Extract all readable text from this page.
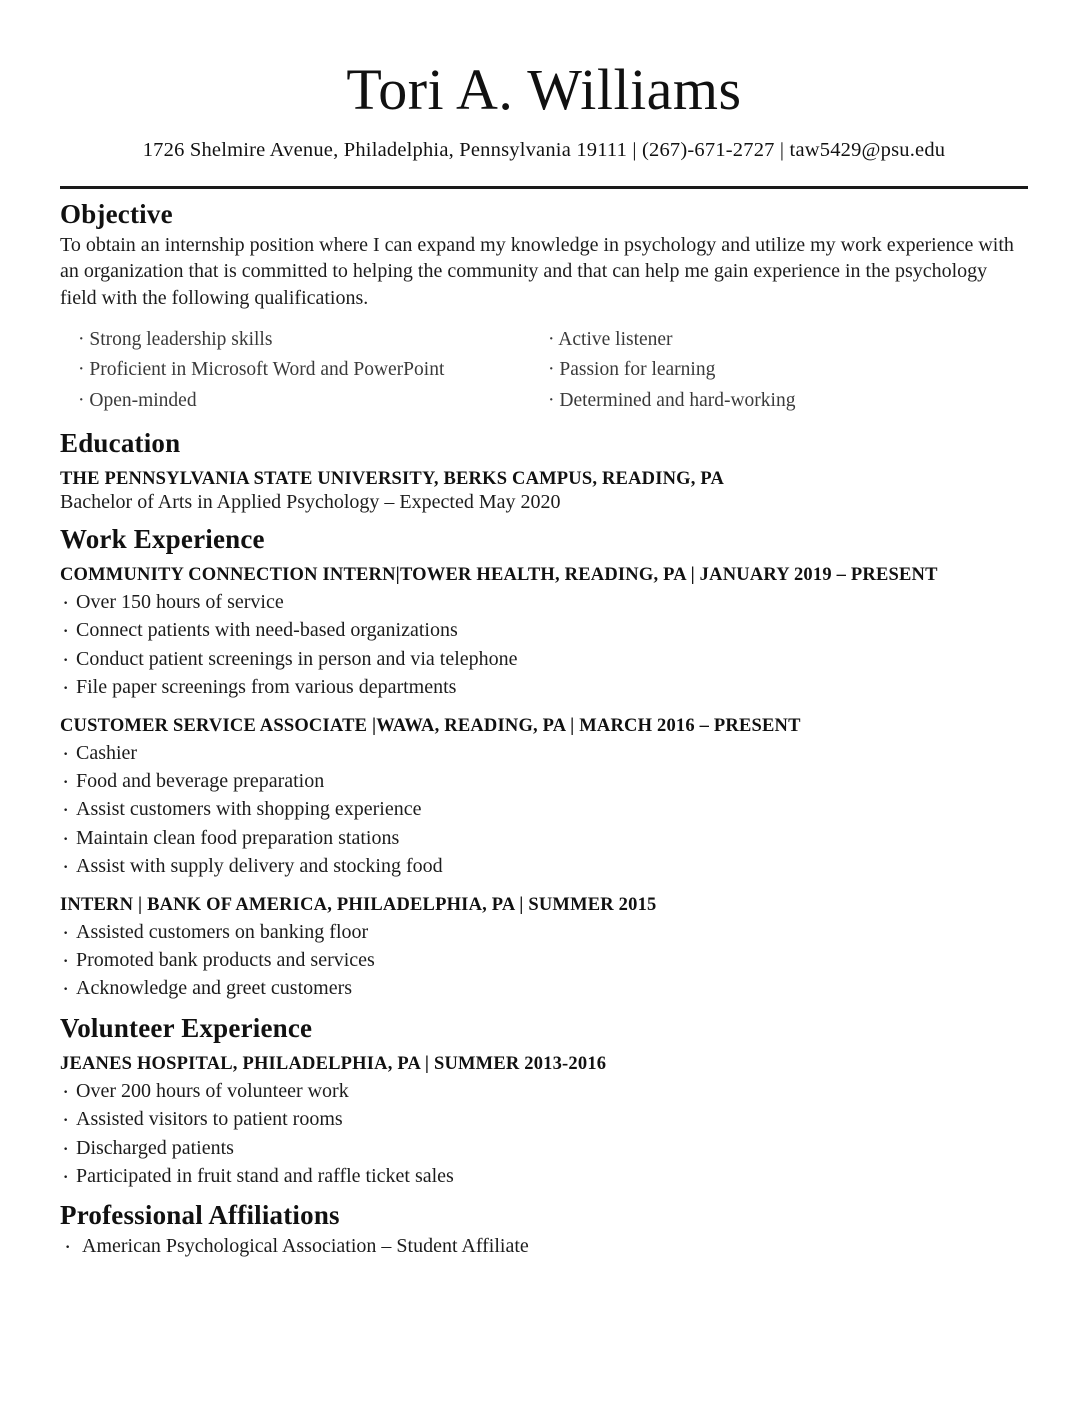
Tori A. Williams
1726 Shelmire Avenue, Philadelphia, Pennsylvania 19111 | (267)-671-2727 | taw5429@psu.edu
Objective

To obtain an internship position where I can expand my knowledge in psychology and utilize my work experience with an organization that is committed to helping the community and that can help me gain experience in the psychology field with the following qualifications.

· Strong leadership skills
· Proficient in Microsoft Word and PowerPoint
· Open-minded
· Active listener
· Passion for learning
· Determined and hard-working
Education
THE PENNSYLVANIA STATE UNIVERSITY, BERKS CAMPUS, READING, PA
Bachelor of Arts in Applied Psychology – Expected May 2020
Work Experience
COMMUNITY CONNECTION INTERN|TOWER HEALTH, READING, PA | JANUARY 2019 – PRESENT
· Over 150 hours of service
· Connect patients with need-based organizations
· Conduct patient screenings in person and via telephone
· File paper screenings from various departments
CUSTOMER SERVICE ASSOCIATE |WAWA, READING, PA | MARCH 2016 – PRESENT
· Cashier
· Food and beverage preparation
· Assist customers with shopping experience
· Maintain clean food preparation stations
· Assist with supply delivery and stocking food
INTERN | BANK OF AMERICA, PHILADELPHIA, PA | SUMMER 2015
· Assisted customers on banking floor
· Promoted bank products and services
· Acknowledge and greet customers
Volunteer Experience
JEANES HOSPITAL, PHILADELPHIA, PA | SUMMER 2013-2016
· Over 200 hours of volunteer work
· Assisted visitors to patient rooms
· Discharged patients
· Participated in fruit stand and raffle ticket sales
Professional Affiliations
· American Psychological Association – Student Affiliate
